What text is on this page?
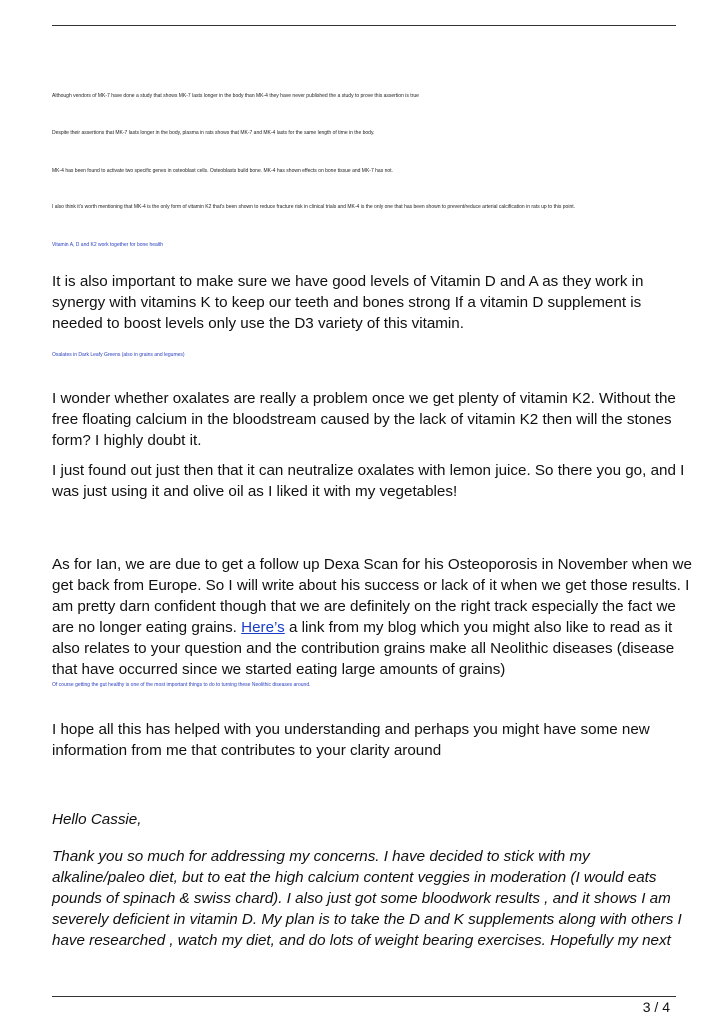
Although vendors of MK-7 have done a study that shows MK-7 lasts longer in the body than MK-4 they have never published the a study to prove this assertion is true
Despite their assertions that MK-7 lasts longer in the body, plasma in rats shows that MK-7 and MK-4 lasts for the same length of time in the body.
MK-4 has been found to activate two specific genes in osteoblast cells. Osteoblasts build bone. MK-4 has shown effects on bone tissue and MK-7 has not.
I also think it's worth mentioning that MK-4 is the only form of vitamin K2 that's been shown to reduce fracture risk in clinical trials and MK-4 is the only one that has been shown to prevent/reduce arterial calcification in rats up to this point.
Vitamin A, D and K2 work together for bone health
It is also important to make sure we have good levels of Vitamin D and A as they work in synergy with vitamins K to keep our teeth and bones strong If a vitamin D supplement is needed to boost levels only use the D3 variety of this vitamin.
Oxalates in Dark Leafy Greens (also in grains and legumes)
I wonder whether oxalates are really a problem once we get plenty of vitamin K2. Without the free floating calcium in the bloodstream caused by the lack of vitamin K2 then will the stones form? I highly doubt it.
I just found out just then that it can neutralize oxalates with lemon juice. So there you go, and I was just using it and olive oil as I liked it with my vegetables!
As for Ian, we are due to get a follow up Dexa Scan for his Osteoporosis in November when we get back from Europe. So I will write about his success or lack of it when we get those results. I am pretty darn confident though that we are definitely on the right track especially the fact we are no longer eating grains. Here’s a link from my blog which you might also like to read as it also relates to your question and the contribution grains make all Neolithic diseases (disease that have occurred since we started eating large amounts of grains)
Of course getting the gut healthy is one of the most important things to do to turning these Neolithic diseases around.
I hope all this has helped with you understanding and perhaps you might have some new information from me that contributes to your clarity around
Hello Cassie,
Thank you so much for addressing my concerns. I have decided to stick with my alkaline/paleo diet, but to eat the high calcium content veggies in moderation (I would eats pounds of spinach & swiss chard). I also just got some bloodwork results , and it shows I am severely deficient in vitamin D. My plan is to take the D and K supplements along with others I have researched , watch my diet, and do lots of weight bearing exercises. Hopefully my next
3 / 4
